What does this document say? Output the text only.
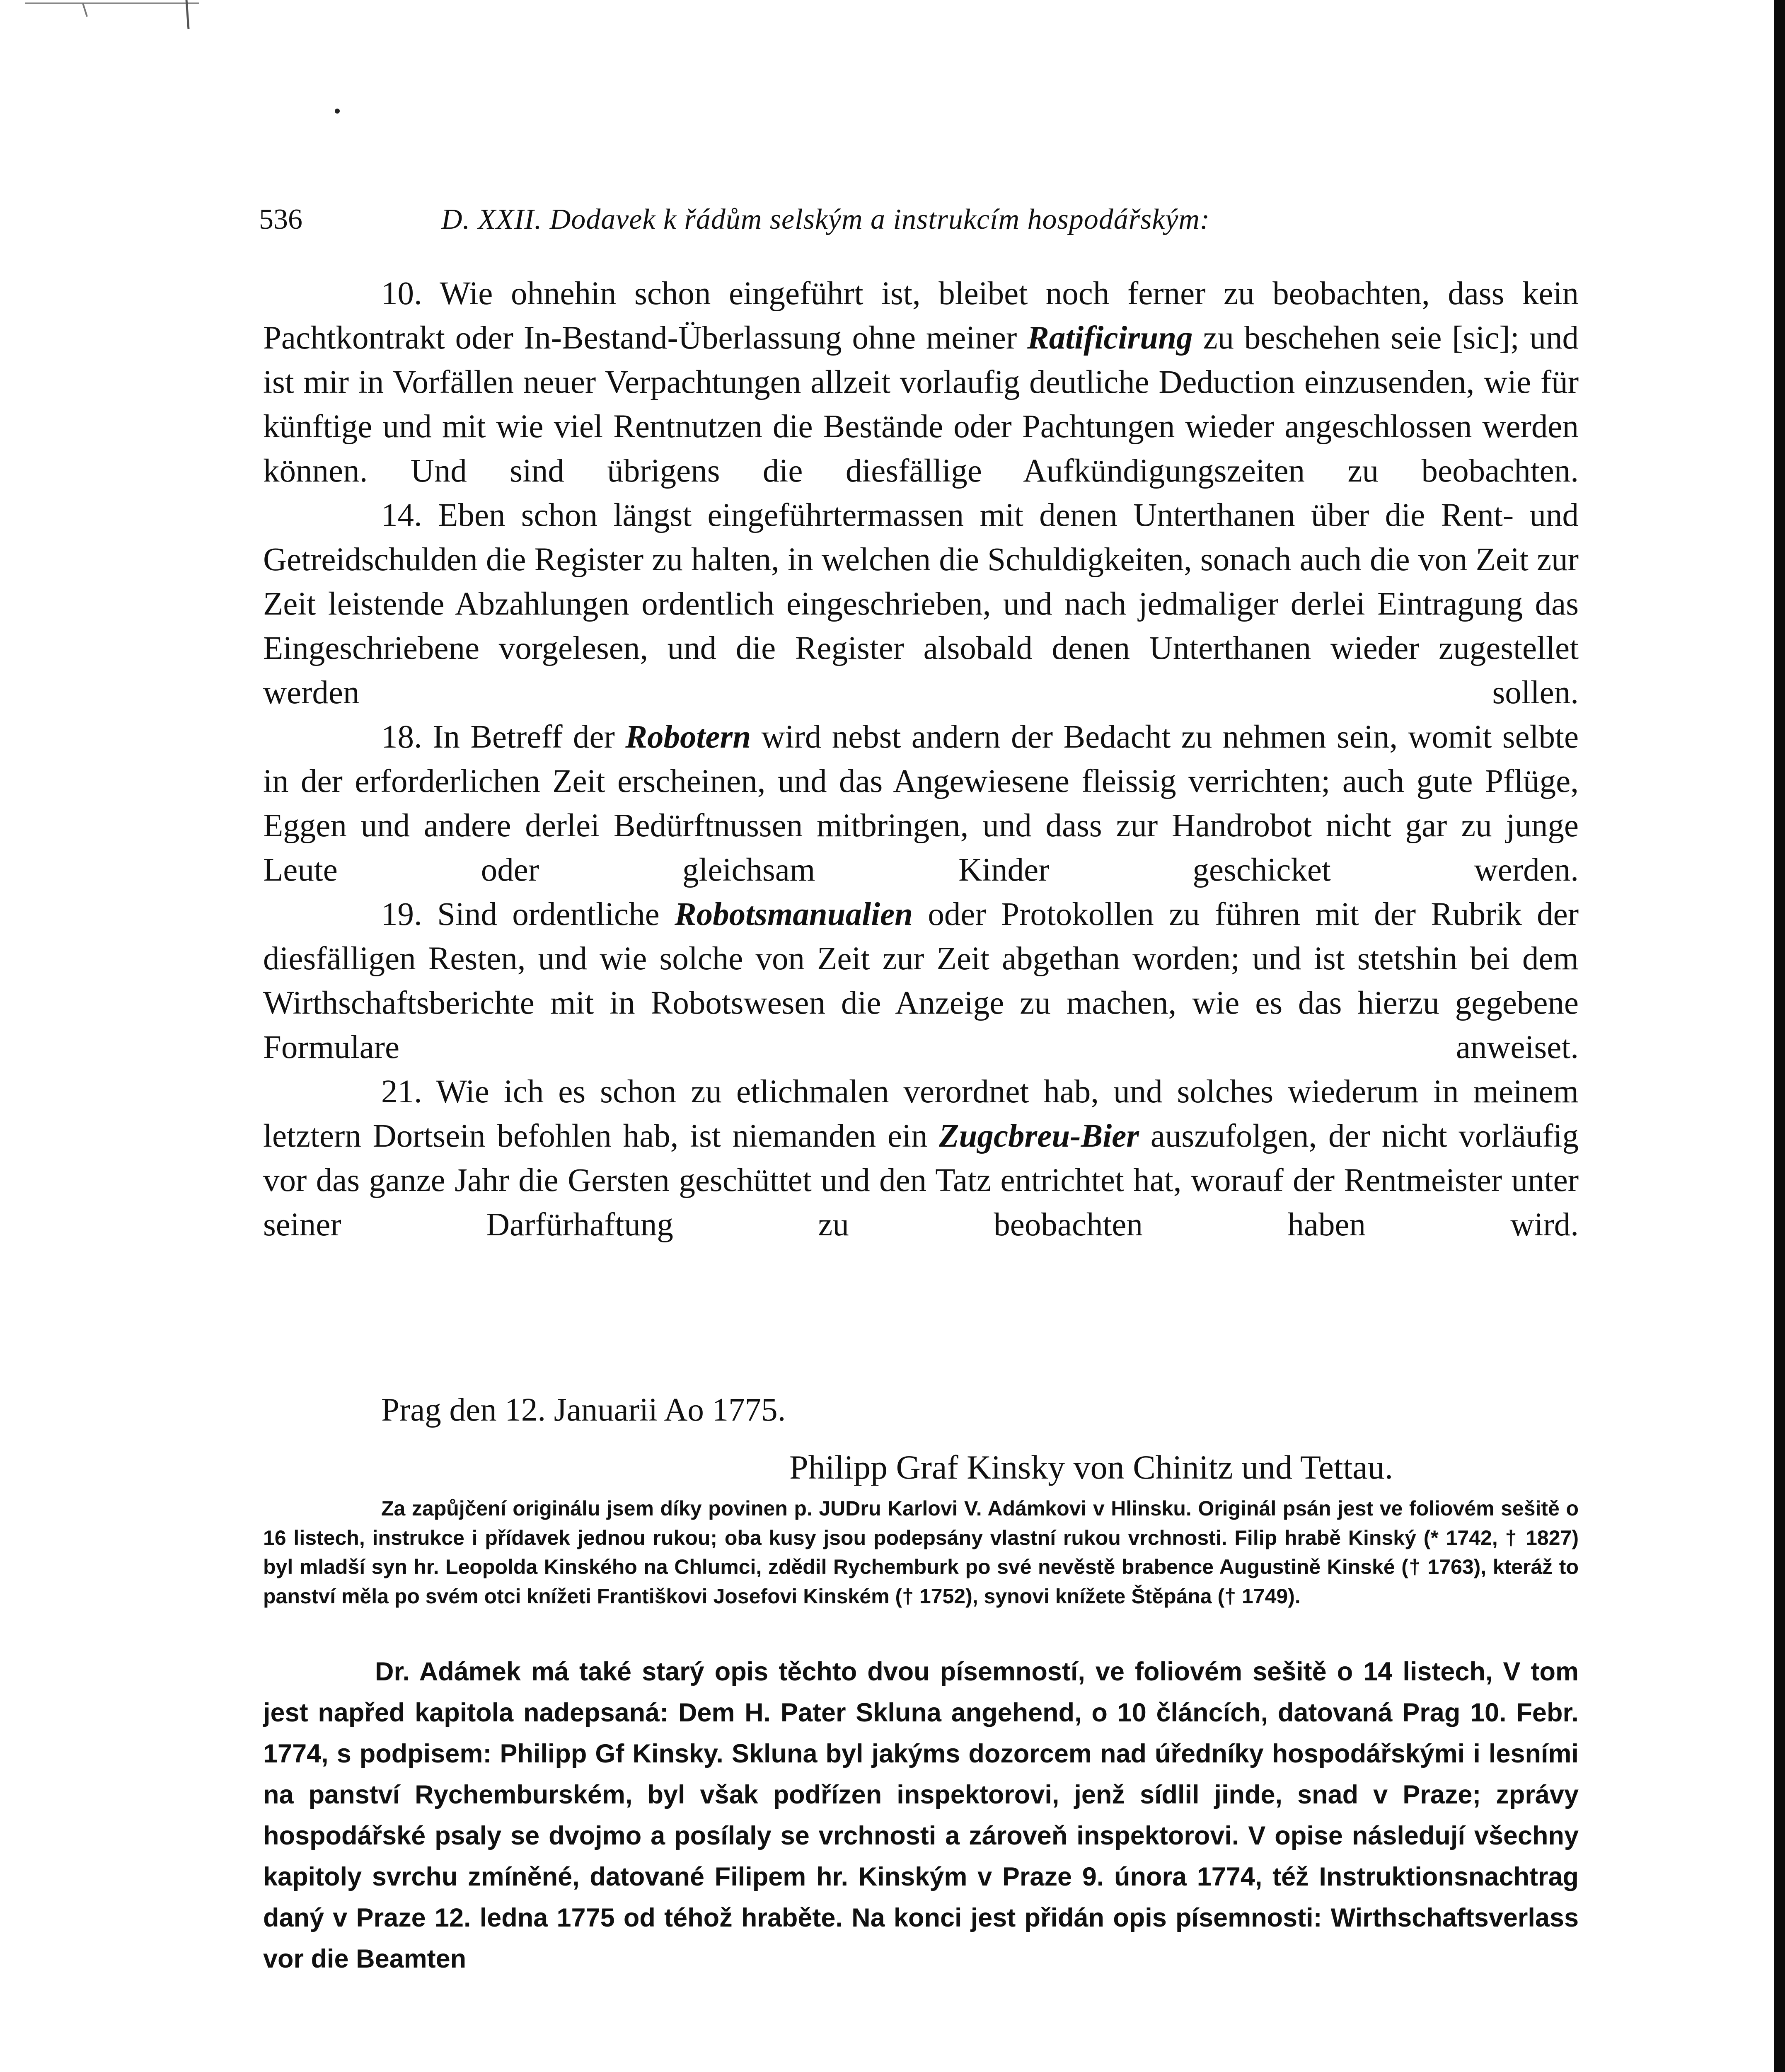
536	D. XXII. Dodavek k řádům selským a instrukcím hospodářským:

10. Wie ohnehin schon eingeführt ist, bleibet noch ferner zu beobachten, dass kein Pachtkontrakt oder In-Bestand-Überlassung ohne meiner Ratificirung zu beschehen seie [sic]; und ist mir in Vorfällen neuer Verpachtungen allzeit vorlaufig deutliche Deduction einzusenden, wie für künftige und mit wie viel Rentnutzen die Bestände oder Pachtungen wieder angeschlossen werden können. Und sind übrigens die diesfällige Aufkündigungszeiten zu beobachten.

14. Eben schon längst eingeführtermassen mit denen Unterthanen über die Rent- und Getreidschulden die Register zu halten, in welchen die Schuldigkeiten, sonach auch die von Zeit zur Zeit leistende Abzahlungen ordentlich eingeschrieben, und nach jedmaliger derlei Eintragung das Eingeschriebene vorgelesen, und die Register alsobald denen Unterthanen wieder zugestellet werden sollen.

18. In Betreff der Robotern wird nebst andern der Bedacht zu nehmen sein, womit selbte in der erforderlichen Zeit erscheinen, und das Angewiesene fleissig verrichten; auch gute Pflüge, Eggen und andere derlei Bedürftnussen mitbringen, und dass zur Handrobot nicht gar zu junge Leute oder gleichsam Kinder geschicket werden.

19. Sind ordentliche Robotsmanualien oder Protokollen zu führen mit der Rubrik der diesfälligen Resten, und wie solche von Zeit zur Zeit abgethan worden; und ist stetshin bei dem Wirthschaftsberichte mit in Robotswesen die Anzeige zu machen, wie es das hierzu gegebene Formulare anweiset.

21. Wie ich es schon zu etlichmalen verordnet hab, und solches wiederum in meinem letztern Dortsein befohlen hab, ist niemanden ein Zugcbreu-Bier auszufolgen, der nicht vorläufig vor das ganze Jahr die Gersten geschüttet und den Tatz entrichtet hat, worauf der Rentmeister unter seiner Darfürhaftung zu beobachten haben wird.

Prag den 12. Januarii Ao 1775.
Philipp Graf Kinsky von Chinitz und Tettau.

Za zapůjčení originálu jsem díky povinen p. JUDru Karlovi V. Adámkovi v Hlinsku. Originál psán jest ve foliovém sešitě o 16 listech, instrukce i přídavek jednou rukou; oba kusy jsou podepsány vlastní rukou vrchnosti. Filip hrabě Kinský (* 1742, † 1827) byl mladší syn hr. Leopolda Kinského na Chlumci, zdědil Rychemburk po své nevěstě brabence Augustině Kinské († 1763), kteráž to panství měla po svém otci knížeti Františkovi Josefovi Kinském († 1752), synovi knížete Štěpána († 1749).

Dr. Adámek má také starý opis těchto dvou písemností, ve foliovém sešitě o 14 listech, V tom jest napřed kapitola nadepsaná: Dem H. Pater Skluna angehend, o 10 článcích, datovaná Prag 10. Febr. 1774, s podpisem: Philipp Gf Kinsky. Skluna byl jakýms dozorcem nad úředníky hospodářskými i lesními na panství Rychemburském, byl však podřízen inspektorovi, jenž sídlil jinde, snad v Praze; zprávy hospodářské psaly se dvojmo a posílaly se vrchnosti a zároveň inspektorovi. V opise následují všechny kapitoly svrchu zmíněné, datované Filipem hr. Kinským v Praze 9. února 1774, též Instruktionsnachtrag daný v Praze 12. ledna 1775 od téhož hraběte. Na konci jest přidán opis písemnosti: Wirthschaftsverlass vor die Beamten
